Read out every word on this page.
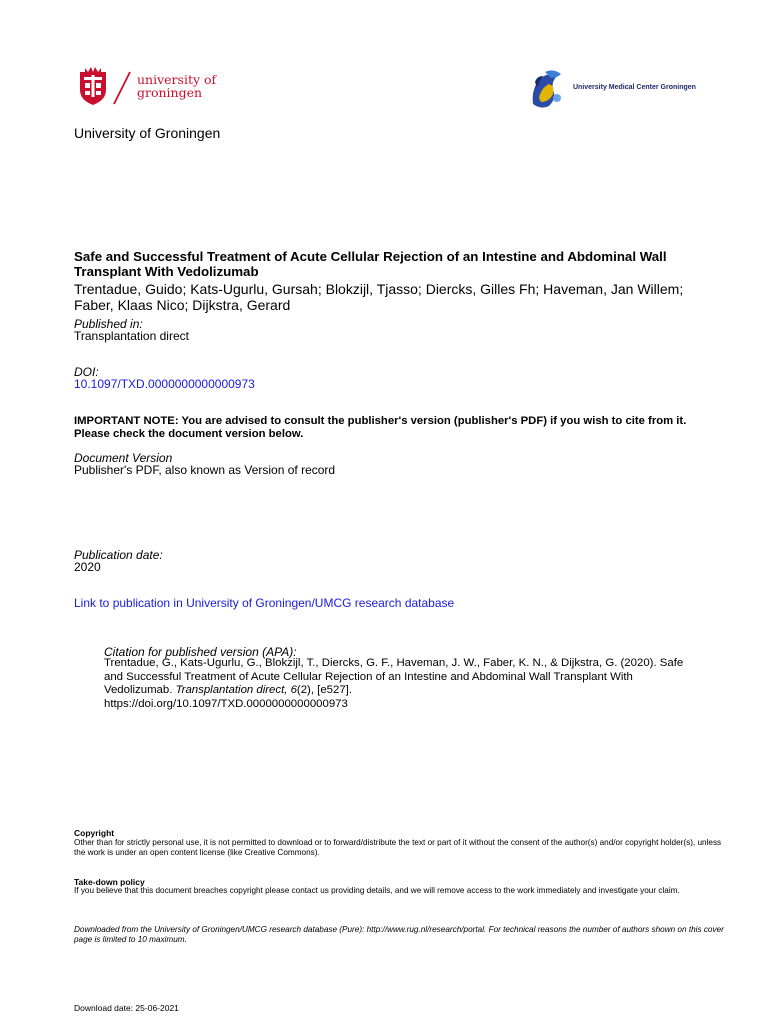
university of
groningen	University Medical Center Groningen
University of Groningen
Safe and Successful Treatment of Acute Cellular Rejection of an Intestine and Abdominal Wall Transplant With Vedolizumab
Trentadue, Guido; Kats-Ugurlu, Gursah; Blokzijl, Tjasso; Diercks, Gilles Fh; Haveman, Jan Willem; Faber, Klaas Nico; Dijkstra, Gerard
Published in:
Transplantation direct
DOI:
10.1097/TXD.0000000000000973
IMPORTANT NOTE: You are advised to consult the publisher's version (publisher's PDF) if you wish to cite from it. Please check the document version below.
Document Version
Publisher's PDF, also known as Version of record
Publication date:
2020
Link to publication in University of Groningen/UMCG research database
Citation for published version (APA):
Trentadue, G., Kats-Ugurlu, G., Blokzijl, T., Diercks, G. F., Haveman, J. W., Faber, K. N., & Dijkstra, G. (2020). Safe and Successful Treatment of Acute Cellular Rejection of an Intestine and Abdominal Wall Transplant With Vedolizumab. Transplantation direct, 6(2), [e527].
https://doi.org/10.1097/TXD.0000000000000973
Copyright
Other than for strictly personal use, it is not permitted to download or to forward/distribute the text or part of it without the consent of the author(s) and/or copyright holder(s), unless the work is under an open content license (like Creative Commons).
Take-down policy
If you believe that this document breaches copyright please contact us providing details, and we will remove access to the work immediately and investigate your claim.
Downloaded from the University of Groningen/UMCG research database (Pure): http://www.rug.nl/research/portal. For technical reasons the number of authors shown on this cover page is limited to 10 maximum.
Download date: 25-06-2021
